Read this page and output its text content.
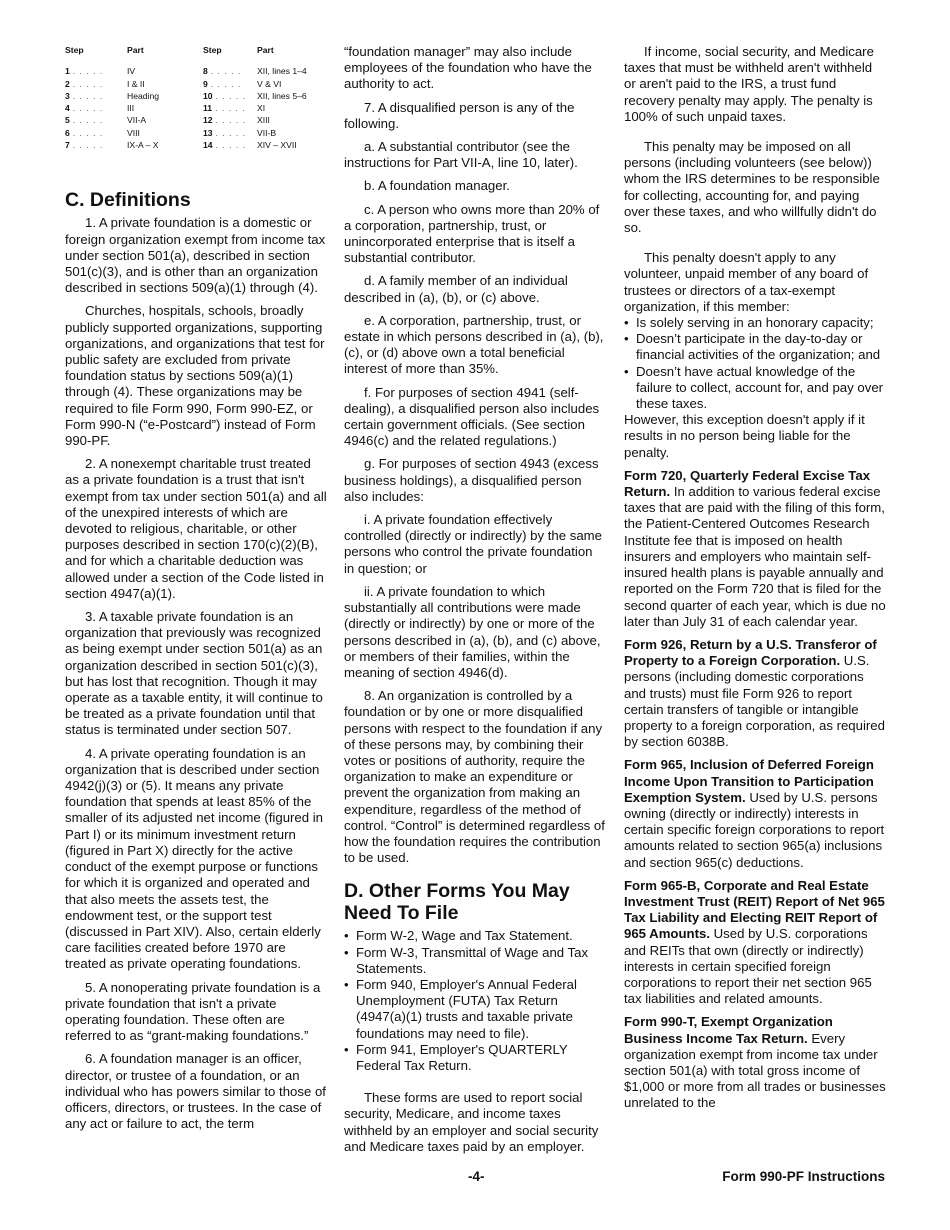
Step	Part	Step	Part
1 . . . . .	IV	8 . . . . .	XII, lines 1–4
2 . . . . .	I & II	9 . . . . .	V & VI
3 . . . . .	Heading	10 . . . . .	XII, lines 5–6
4 . . . . .	III	11 . . . . .	XI
5 . . . . .	VII-A	12 . . . . .	XIII
6 . . . . .	VIII	13 . . . . .	VII-B
7 . . . . .	IX-A – X	14 . . . . .	XIV – XVII
C. Definitions

1. A private foundation is a domestic or foreign organization exempt from income tax under section 501(a), described in section 501(c)(3), and is other than an organization described in sections 509(a)(1) through (4).

Churches, hospitals, schools, broadly publicly supported organizations, supporting organizations, and organizations that test for public safety are excluded from private foundation status by sections 509(a)(1) through (4). These organizations may be required to file Form 990, Form 990-EZ, or Form 990-N (“e-Postcard”) instead of Form 990-PF.

2. A nonexempt charitable trust treated as a private foundation is a trust that isn't exempt from tax under section 501(a) and all of the unexpired interests of which are devoted to religious, charitable, or other purposes described in section 170(c)(2)(B), and for which a charitable deduction was allowed under a section of the Code listed in section 4947(a)(1).

3. A taxable private foundation is an organization that previously was recognized as being exempt under section 501(a) as an organization described in section 501(c)(3), but has lost that recognition. Though it may operate as a taxable entity, it will continue to be treated as a private foundation until that status is terminated under section 507.

4. A private operating foundation is an organization that is described under section 4942(j)(3) or (5). It means any private foundation that spends at least 85% of the smaller of its adjusted net income (figured in Part I) or its minimum investment return (figured in Part X) directly for the active conduct of the exempt purpose or functions for which it is organized and operated and that also meets the assets test, the endowment test, or the support test (discussed in Part XIV). Also, certain elderly care facilities created before 1970 are treated as private operating foundations.

5. A nonoperating private foundation is a private foundation that isn't a private operating foundation. These often are referred to as “grant-making foundations.”

6. A foundation manager is an officer, director, or trustee of a foundation, or an individual who has powers similar to those of officers, directors, or trustees. In the case of any act or failure to act, the term

“foundation manager” may also include employees of the foundation who have the authority to act.

7. A disqualified person is any of the following.

a. A substantial contributor (see the instructions for Part VII-A, line 10, later).

b. A foundation manager.

c. A person who owns more than 20% of a corporation, partnership, trust, or unincorporated enterprise that is itself a substantial contributor.

d. A family member of an individual described in (a), (b), or (c) above.

e. A corporation, partnership, trust, or estate in which persons described in (a), (b), (c), or (d) above own a total beneficial interest of more than 35%.

f. For purposes of section 4941 (self-dealing), a disqualified person also includes certain government officials. (See section 4946(c) and the related regulations.)

g. For purposes of section 4943 (excess business holdings), a disqualified person also includes:

i. A private foundation effectively controlled (directly or indirectly) by the same persons who control the private foundation in question; or

ii. A private foundation to which substantially all contributions were made (directly or indirectly) by one or more of the persons described in (a), (b), and (c) above, or members of their families, within the meaning of section 4946(d).

8. An organization is controlled by a foundation or by one or more disqualified persons with respect to the foundation if any of these persons may, by combining their votes or positions of authority, require the organization to make an expenditure or prevent the organization from making an expenditure, regardless of the method of control. “Control” is determined regardless of how the foundation requires the contribution to be used.

D. Other Forms You May Need To File

• Form W-2, Wage and Tax Statement.

• Form W-3, Transmittal of Wage and Tax Statements.

• Form 940, Employer's Annual Federal Unemployment (FUTA) Tax Return (4947(a)(1) trusts and taxable private foundations may need to file).

• Form 941, Employer's QUARTERLY Federal Tax Return.

These forms are used to report social security, Medicare, and income taxes withheld by an employer and social security and Medicare taxes paid by an employer.

If income, social security, and Medicare taxes that must be withheld aren't withheld or aren't paid to the IRS, a trust fund recovery penalty may apply. The penalty is 100% of such unpaid taxes.

This penalty may be imposed on all persons (including volunteers (see below)) whom the IRS determines to be responsible for collecting, accounting for, and paying over these taxes, and who willfully didn't do so.

This penalty doesn't apply to any volunteer, unpaid member of any board of trustees or directors of a tax-exempt organization, if this member:

• Is solely serving in an honorary capacity;

• Doesn’t participate in the day-to-day or financial activities of the organization; and

• Doesn’t have actual knowledge of the failure to collect, account for, and pay over these taxes.

However, this exception doesn't apply if it results in no person being liable for the penalty.

Form 720, Quarterly Federal Excise Tax Return. In addition to various federal excise taxes that are paid with the filing of this form, the Patient-Centered Outcomes Research Institute fee that is imposed on health insurers and employers who maintain self-insured health plans is payable annually and reported on the Form 720 that is filed for the second quarter of each year, which is due no later than July 31 of each calendar year.

Form 926, Return by a U.S. Transferor of Property to a Foreign Corporation. U.S. persons (including domestic corporations and trusts) must file Form 926 to report certain transfers of tangible or intangible property to a foreign corporation, as required by section 6038B.

Form 965, Inclusion of Deferred Foreign Income Upon Transition to Participation Exemption System. Used by U.S. persons owning (directly or indirectly) interests in certain specific foreign corporations to report amounts related to section 965(a) inclusions and section 965(c) deductions.

Form 965-B, Corporate and Real Estate Investment Trust (REIT) Report of Net 965 Tax Liability and Electing REIT Report of 965 Amounts. Used by U.S. corporations and REITs that own (directly or indirectly) interests in certain specified foreign corporations to report their net section 965 tax liabilities and related amounts.

Form 990-T, Exempt Organization Business Income Tax Return. Every organization exempt from income tax under section 501(a) with total gross income of $1,000 or more from all trades or businesses unrelated to the

-4-	Form 990-PF Instructions
